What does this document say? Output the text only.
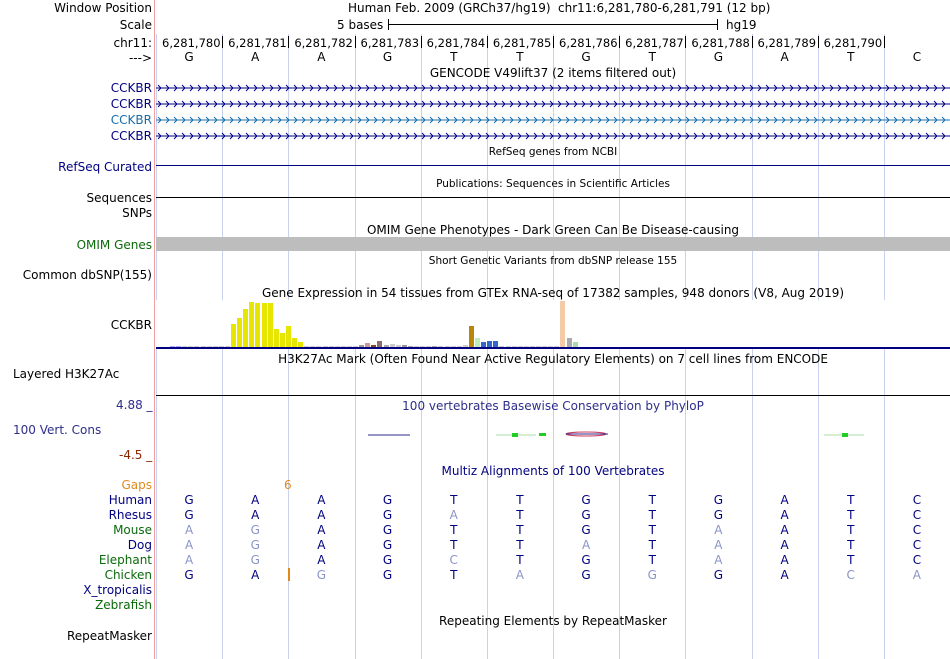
Window Position
Scale
chr11:
--->
Human Feb. 2009 (GRCh37/hg19) chr11:6,281,780-6,281,791 (12 bp)
5 bases	hg19
6,281,780 6,281,781 6,281,782 6,281,783 6,281,784 6,281,785 6,281,786 6,281,787 6,281,788 6,281,789 6,281,790
G	A	A	G	T	T	G	T	G	A	T	C
GENCODE V49lift37 (2 items filtered out)
CCKBR
CCKBR
CCKBR
CCKBR
RefSeq genes from NCBI
RefSeq Curated
Publications: Sequences in Scientific Articles
Sequences
SNPs
OMIM Gene Phenotypes - Dark Green Can Be Disease-causing
OMIM Genes
Short Genetic Variants from dbSNP release 155
Common dbSNP(155)
Gene Expression in 54 tissues from GTEx RNA-seq of 17382 samples, 948 donors (V8, Aug 2019)
CCKBR
H3K27Ac Mark (Often Found Near Active Regulatory Elements) on 7 cell lines from ENCODE
Layered H3K27Ac
4.88 _	100 vertebrates Basewise Conservation by PhyloP
100 Vert. Cons
-4.5 _
Multiz Alignments of 100 Vertebrates
Gaps	6
Human	G	A	A	G	T	T	G	T	G	A	T	C
Rhesus	G	A	A	G	A	T	G	T	G	A	T	C
Mouse	A	G	A	G	T	T	G	T	A	A	T	C
Dog	A	G	A	G	T	T	A	T	A	A	T	C
Elephant	A	G	A	G	C	T	G	T	A	A	T	C
Chicken	G	A	G	G	T	A	G	G	G	A	C	A
X_tropicalis
Zebrafish
Repeating Elements by RepeatMasker
RepeatMasker
